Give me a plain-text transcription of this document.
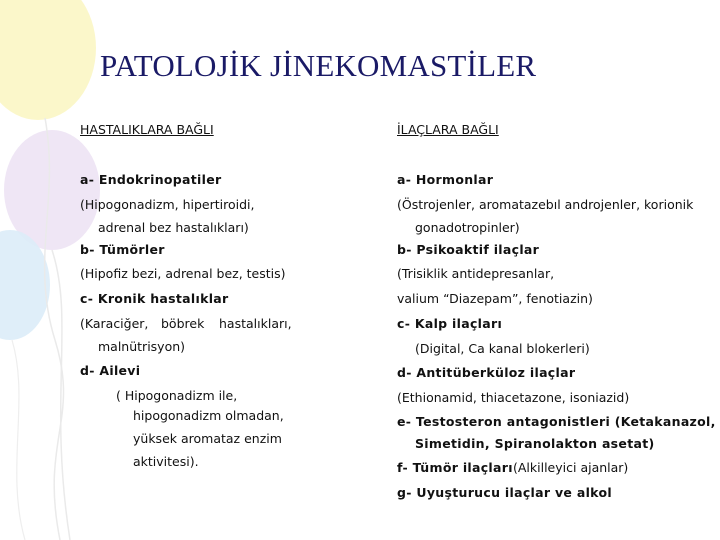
PATOLOJİK JİNEKOMASTİLER
HASTALIKLARA BAĞLI
a- Endokrinopatiler
(Hipogonadizm, hipertiroidi,
adrenal bez hastalıkları)
b- Tümörler
(Hipofiz bezi, adrenal bez, testis)
c- Kronik hastalıklar
(Karaciğer, böbrek hastalıkları,
malnütrisyon)
d- Ailevi
( Hipogonadizm ile,
hipogonadizm olmadan,
yüksek aromataz enzim
aktivitesi).
İLAÇLARA BAĞLI
a- Hormonlar
(Östrojenler, aromatazebıl androjenler, korionik
gonadotropinler)
b- Psikoaktif ilaçlar
(Trisiklik antidepresanlar,
valium “Diazepam”, fenotiazin)
c- Kalp ilaçları
(Digital, Ca kanal blokerleri)
d- Antitüberküloz ilaçlar
(Ethionamid, thiacetazone, isoniazid)
e- Testosteron antagonistleri (Ketakanazol,
Simetidin, Spiranolakton asetat)
f- Tümör ilaçları (Alkilleyici ajanlar)
g- Uyuşturucu ilaçlar ve alkol
